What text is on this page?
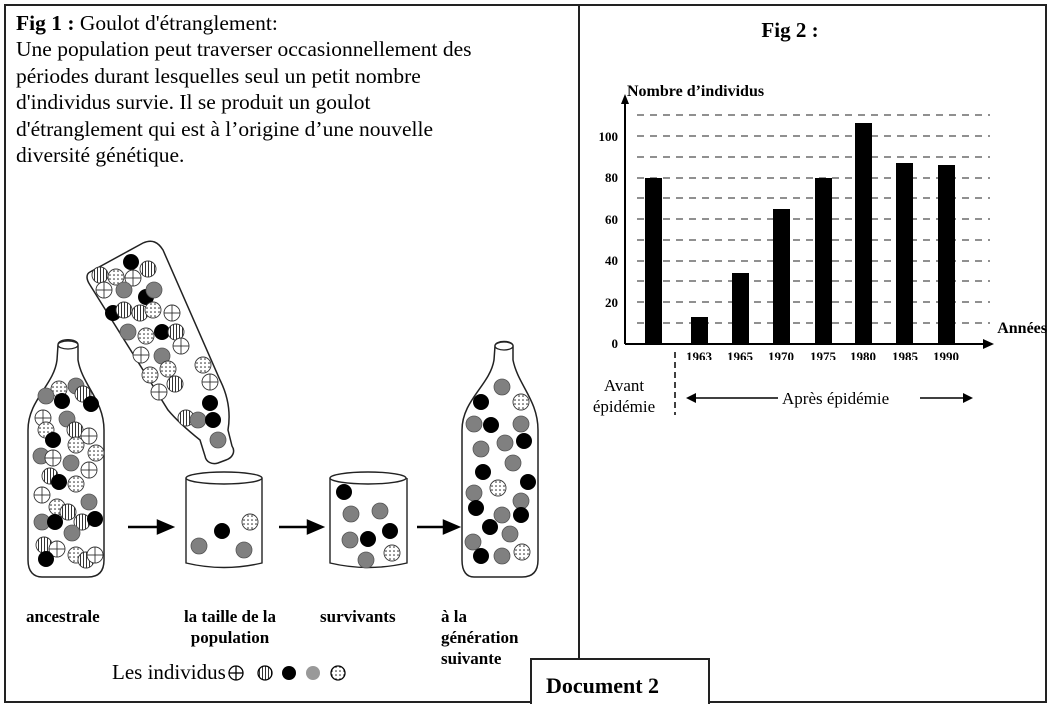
Fig 1 : Goulot d'étranglement:
Une population peut traverser occasionnellement des
périodes durant lesquelles seul un petit nombre
d'individus survie. Il se produit un goulot
d'étranglement qui est à l’origine d’une nouvelle
diversité génétique.
ancestrale	la taille de la population
survivants	à la génération suivante
Les individus
Document 2
Fig 2 :
Nombre d’individus
0
20
40
60
80
100
1963	1965	1970	1975	1980	1985	1990
Années
Avant épidémie	Après épidémie
